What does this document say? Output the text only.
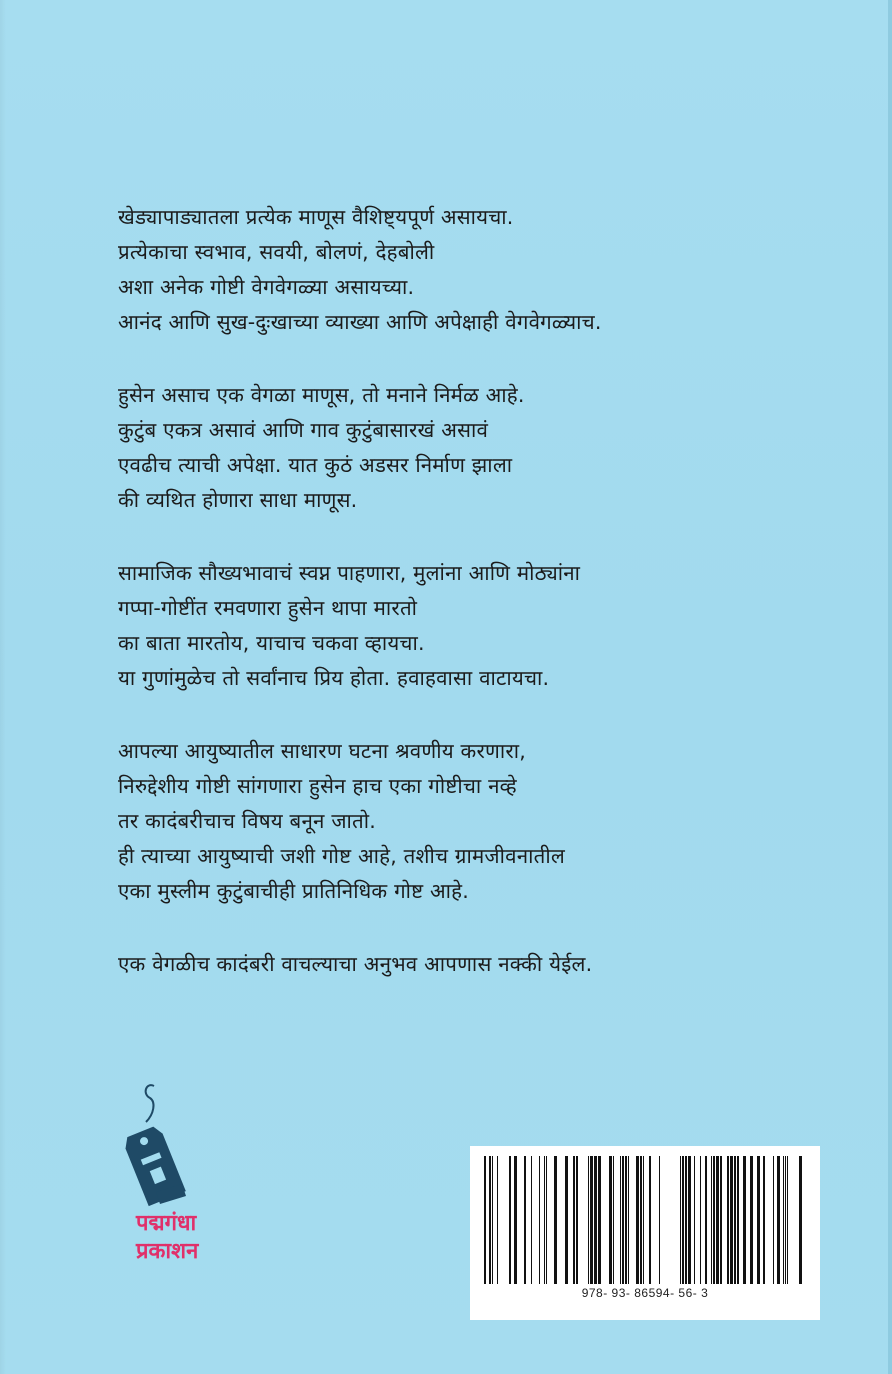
खेड्यापाड्यातला प्रत्येक माणूस वैशिष्ट्यपूर्ण असायचा.
प्रत्येकाचा स्वभाव, सवयी, बोलणं, देहबोली
अशा अनेक गोष्टी वेगवेगळ्या असायच्या.
आनंद आणि सुख-दुःखाच्या व्याख्या आणि अपेक्षाही वेगवेगळ्याच.
हुसेन असाच एक वेगळा माणूस, तो मनाने निर्मळ आहे.
कुटुंब एकत्र असावं आणि गाव कुटुंबासारखं असावं
एवढीच त्याची अपेक्षा. यात कुठं अडसर निर्माण झाला
की व्यथित होणारा साधा माणूस.
सामाजिक सौख्यभावाचं स्वप्न पाहणारा, मुलांना आणि मोठ्यांना
गप्पा-गोष्टींत रमवणारा हुसेन थापा मारतो
का बाता मारतोय, याचाच चकवा व्हायचा.
या गुणांमुळेच तो सर्वांनाच प्रिय होता. हवाहवासा वाटायचा.
आपल्या आयुष्यातील साधारण घटना श्रवणीय करणारा,
निरुद्देशीय गोष्टी सांगणारा हुसेन हाच एका गोष्टीचा नव्हे
तर कादंबरीचाच विषय बनून जातो.
ही त्याच्या आयुष्याची जशी गोष्ट आहे, तशीच ग्रामजीवनातील
एका मुस्लीम कुटुंबाचीही प्रातिनिधिक गोष्ट आहे.
एक वेगळीच कादंबरी वाचल्याचा अनुभव आपणास नक्की येईल.
पद्मगंधा
प्रकाशन
978- 93- 86594- 56- 3
